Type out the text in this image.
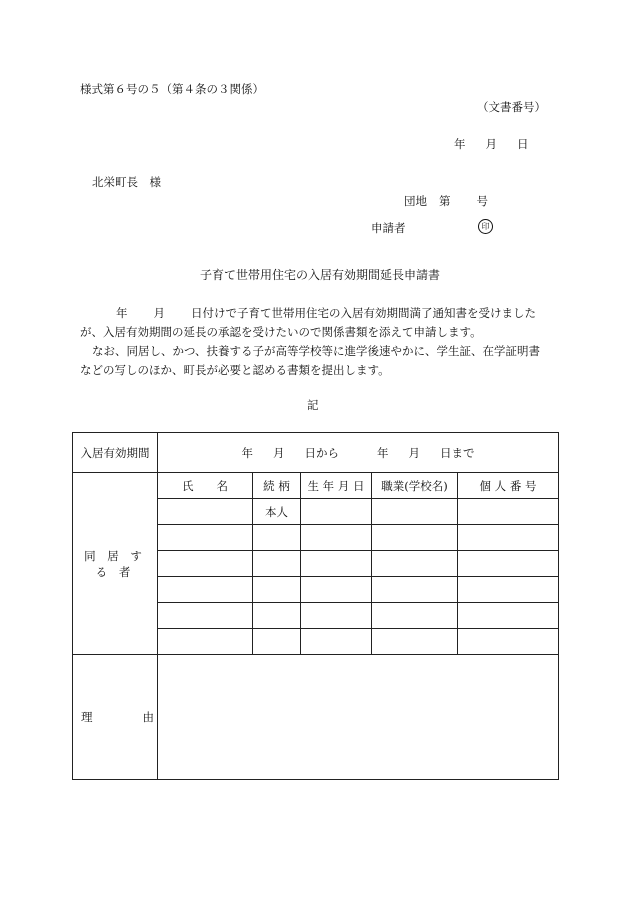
様式第６号の５（第４条の３関係）
（文書番号）
年 月 日
北栄町長　様
団地 第 号
申請者	印
子育て世帯用住宅の入居有効期間延長申請書

年 月 日付けで子育て世帯用住宅の入居有効期間満了通知書を受けました

が、入居有効期間の延長の承認を受けたいので関係書類を添えて申請します。

なお、同居し、かつ、扶養する子が高等学校等に進学後速やかに、学生証、在学証明書

などの写しのほか、町長が必要と認める書類を提出します。

記
入居有効期間	年 月 日から 年 月 日まで				
同 居 す る 者	氏　　名	続 柄	生 年 月 日	職業(学校名)	個 人 番 号
		本人			

理 由					
